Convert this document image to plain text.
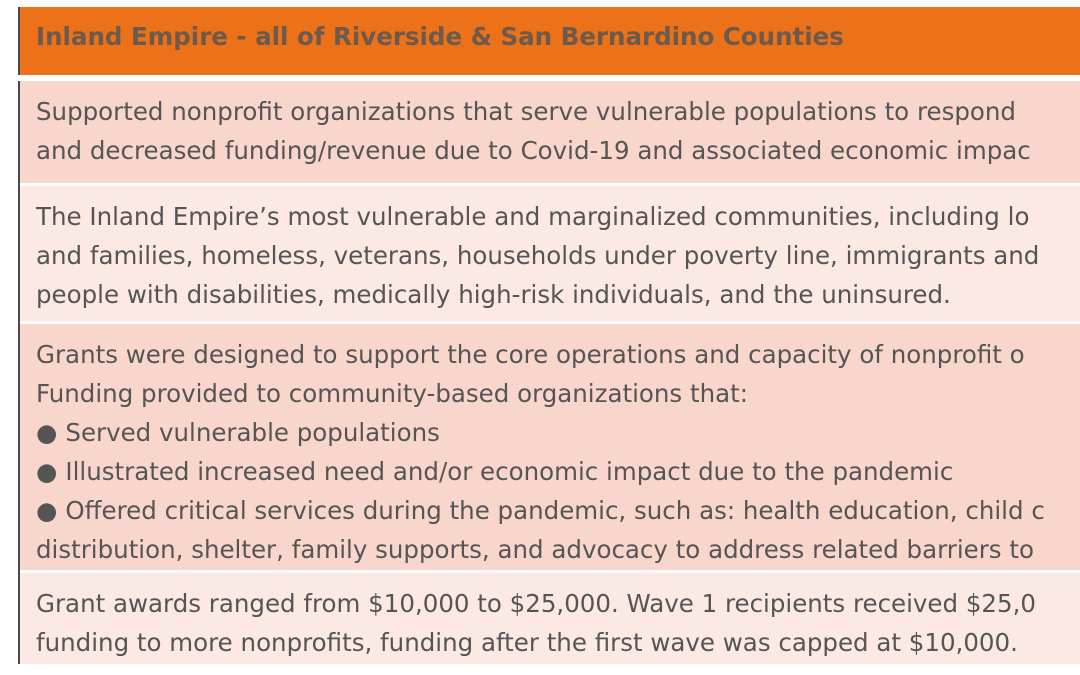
Inland Empire - all of Riverside & San Bernardino Counties
Supported nonprofit organizations that serve vulnerable populations to respond
and decreased funding/revenue due to Covid-19 and associated economic impac
The Inland Empire’s most vulnerable and marginalized communities, including lo
and families, homeless, veterans, households under poverty line, immigrants and
people with disabilities, medically high-risk individuals, and the uninsured.
Grants were designed to support the core operations and capacity of nonprofit o
Funding provided to community-based organizations that:
● Served vulnerable populations
● Illustrated increased need and/or economic impact due to the pandemic
● Offered critical services during the pandemic, such as: health education, child c
distribution, shelter, family supports, and advocacy to address related barriers to
Grant awards ranged from $10,000 to $25,000. Wave 1 recipients received $25,0
funding to more nonprofits, funding after the first wave was capped at $10,000.
